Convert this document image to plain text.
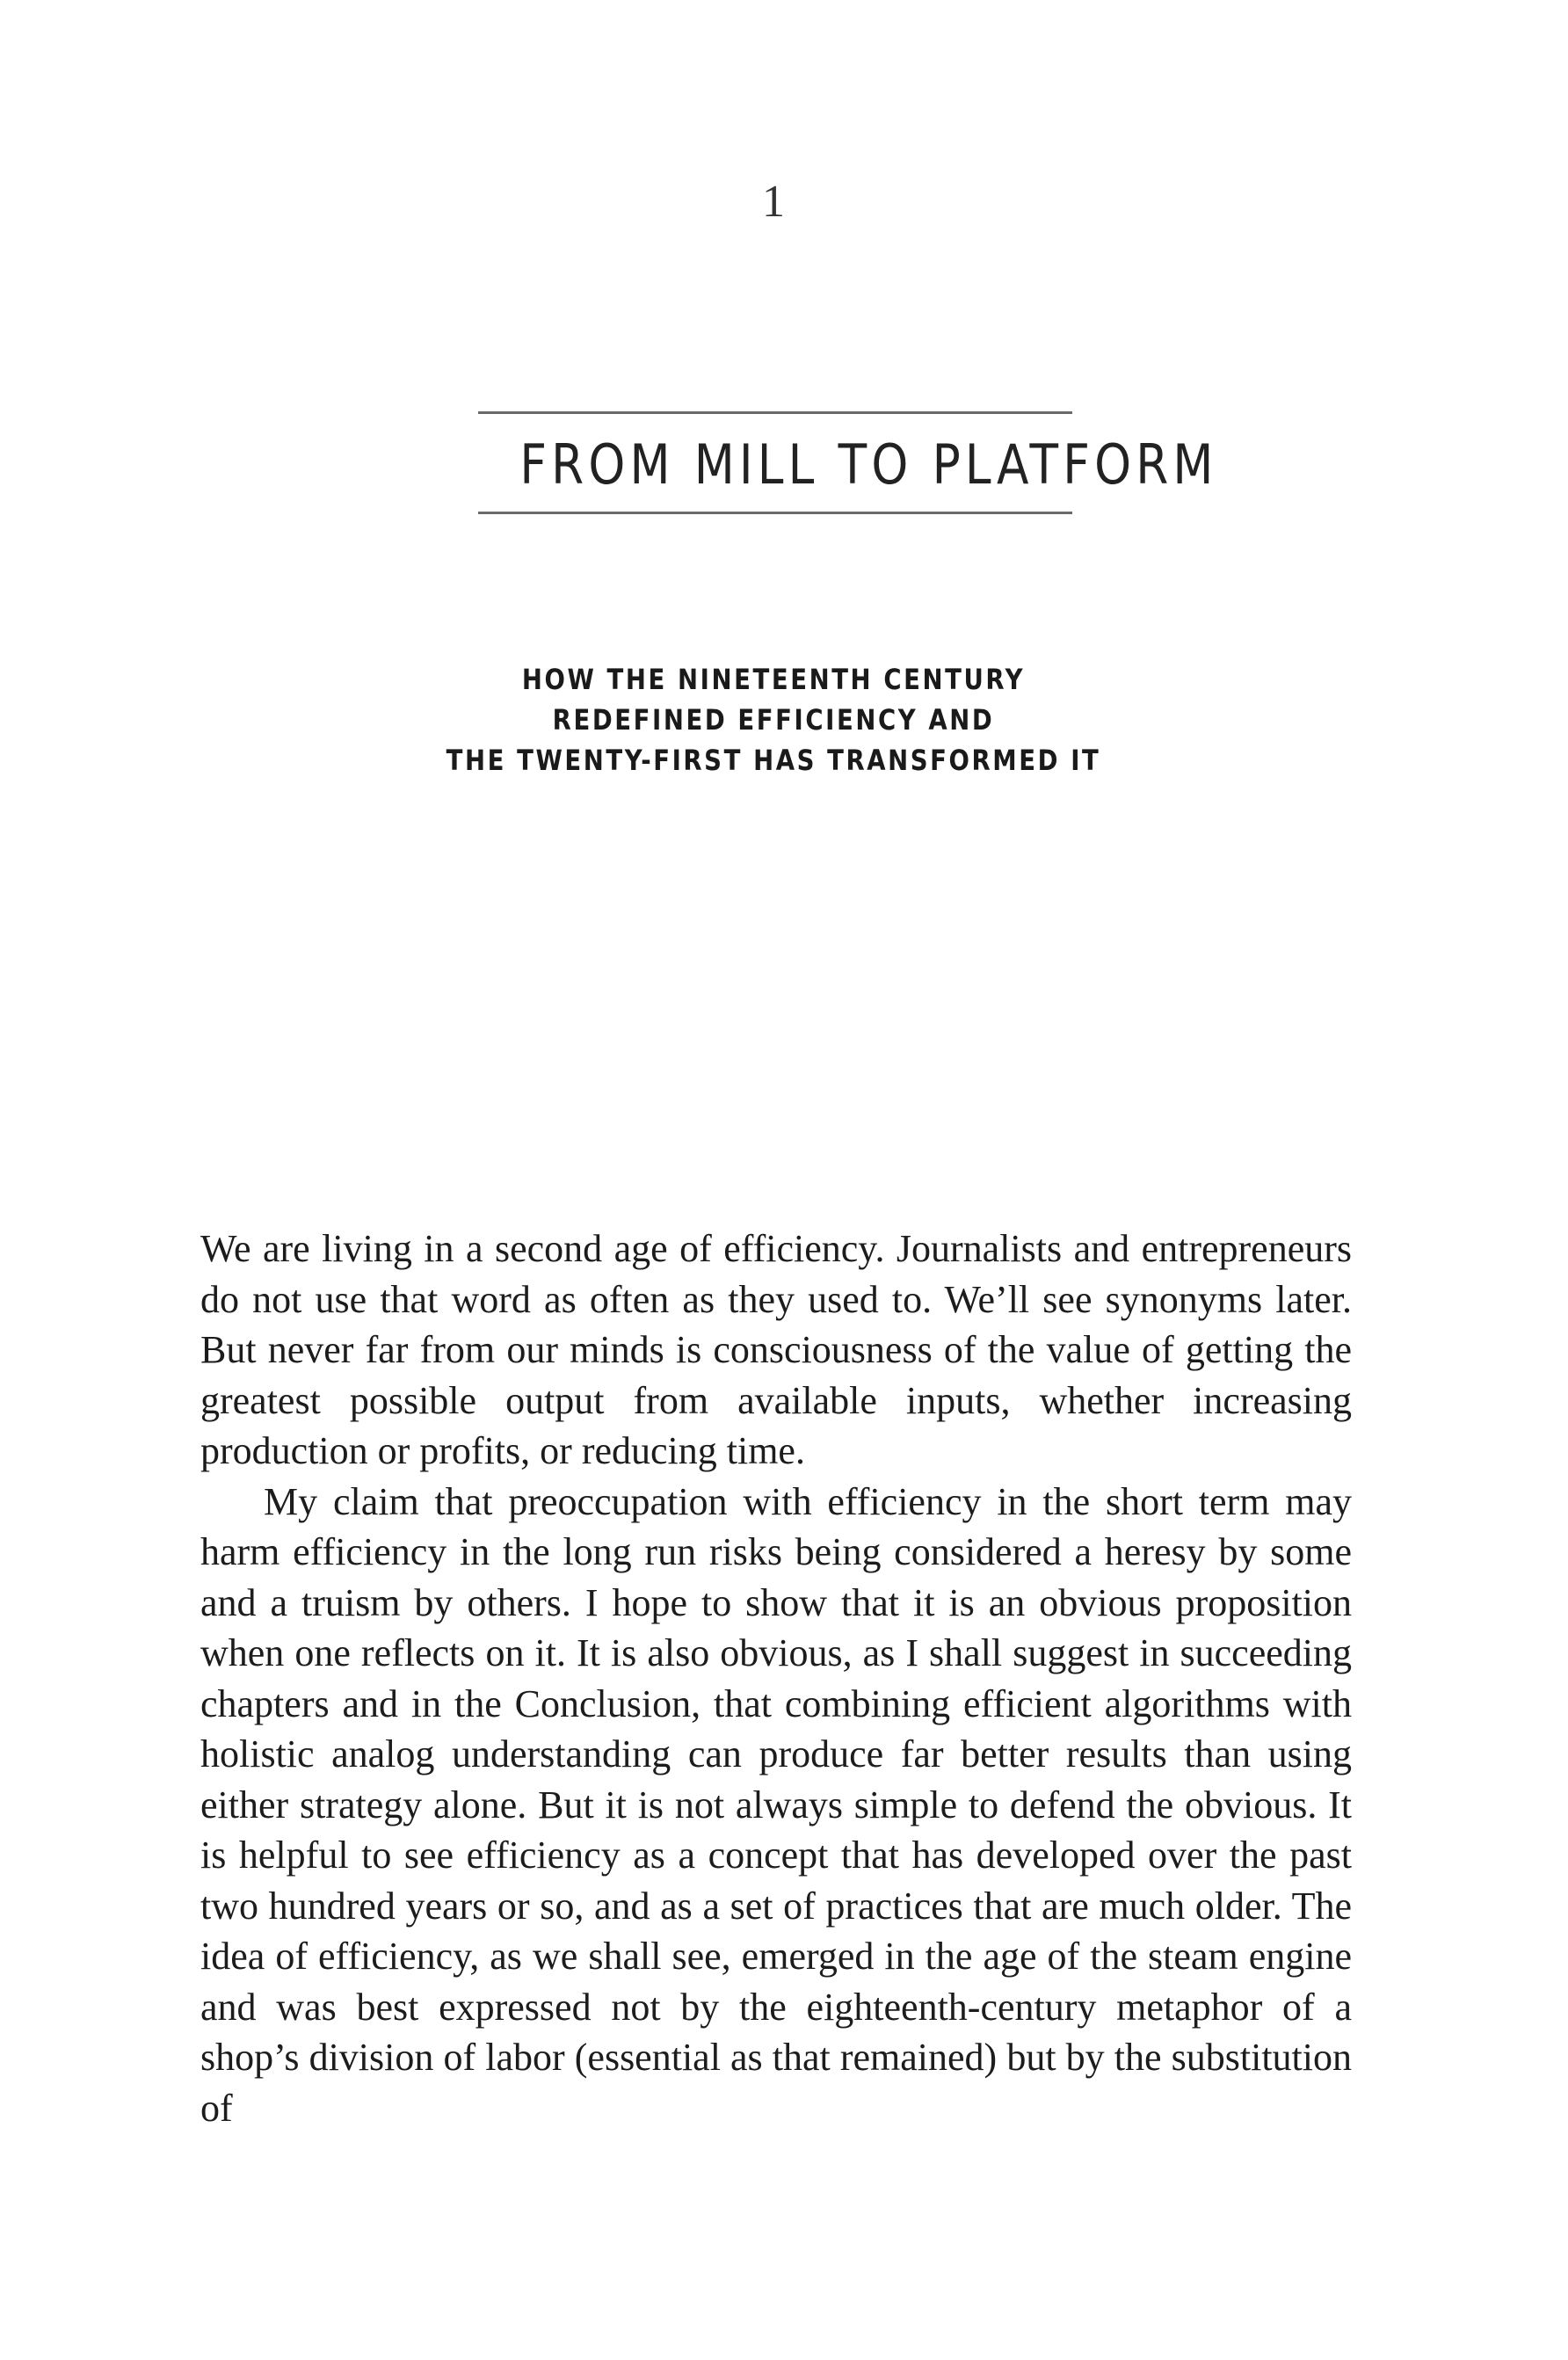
1
FROM MILL TO PLATFORM
HOW THE NINETEENTH CENTURY
REDEFINED EFFICIENCY AND
THE TWENTY-FIRST HAS TRANSFORMED IT

We are living in a second age of efficiency. Journalists and entrepreneurs do not use that word as often as they used to. We’ll see synonyms later. But never far from our minds is consciousness of the value of getting the greatest possible output from available inputs, whether increasing production or profits, or reducing time.

My claim that preoccupation with efficiency in the short term may harm efficiency in the long run risks being considered a heresy by some and a truism by others. I hope to show that it is an obvious proposition when one reflects on it. It is also obvious, as I shall suggest in succeeding chapters and in the Conclusion, that combining efficient algorithms with holistic analog understanding can produce far better results than using either strategy alone. But it is not always simple to defend the obvious. It is helpful to see efficiency as a concept that has developed over the past two hundred years or so, and as a set of practices that are much older. The idea of efficiency, as we shall see, emerged in the age of the steam engine and was best expressed not by the eighteenth-century metaphor of a shop’s division of labor (essential as that remained) but by the substitution of
